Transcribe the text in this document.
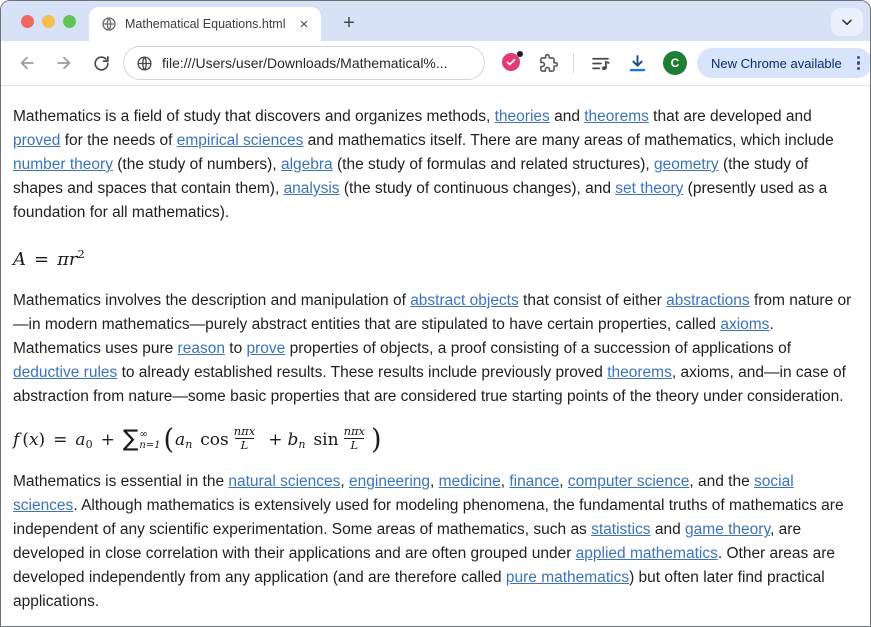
Mathematical Equations.html ×	+
file:///Users/user/Downloads/Mathematical%...	C	New Chrome available

Mathematics is a field of study that discovers and organizes methods, theories and theorems that are developed and proved for the needs of empirical sciences and mathematics itself. There are many areas of mathematics, which include number theory (the study of numbers), algebra (the study of formulas and related structures), geometry (the study of shapes and spaces that contain them), analysis (the study of continuous changes), and set theory (presently used as a foundation for all mathematics).

$A = \pi r^2$

Mathematics involves the description and manipulation of abstract objects that consist of either abstractions from nature or—in modern mathematics—purely abstract entities that are stipulated to have certain properties, called axioms. Mathematics uses pure reason to prove properties of objects, a proof consisting of a succession of applications of deductive rules to already established results. These results include previously proved theorems, axioms, and—in case of abstraction from nature—some basic properties that are considered true starting points of the theory under consideration.

f ( x ) = a 0 + ∑ ∞
n=1 ( a n $\cos \frac{\text{nπx}}{L} + b$ n $\sin \frac{\text{nπx}}{L}$ )

Mathematics is essential in the natural sciences, engineering, medicine, finance, computer science, and the social sciences. Although mathematics is extensively used for modeling phenomena, the fundamental truths of mathematics are independent of any scientific experimentation. Some areas of mathematics, such as statistics and game theory, are developed in close correlation with their applications and are often grouped under applied mathematics. Other areas are developed independently from any application (and are therefore called pure mathematics) but often later find practical applications.
